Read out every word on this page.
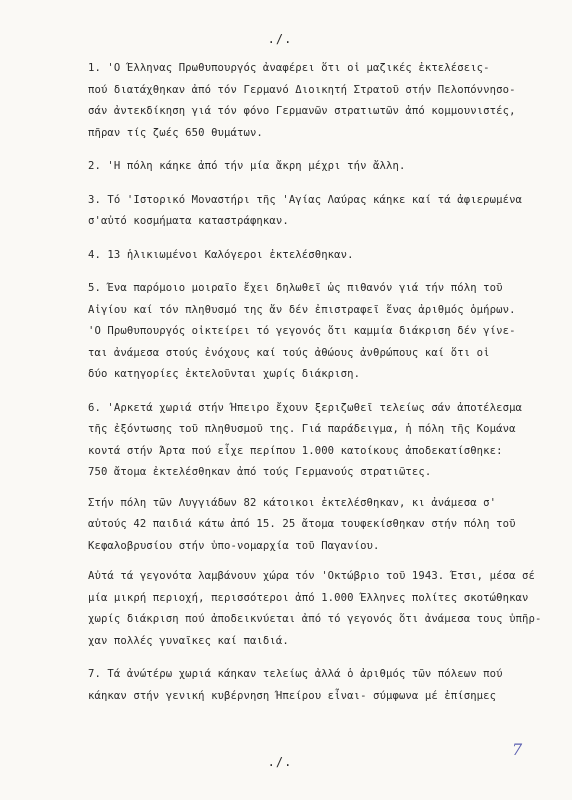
./.
1. 'Ο Έλληνας Πρωθυπουργός ἀναφέρει ὅτι οἱ μαζικές ἐκτελέσεις-
πού διατάχθηκαν ἀπό τόν Γερμανό Διοικητή Στρατοῦ στήν Πελοπόννησο-
σάν ἀντεκδίκηση γιά τόν φόνο Γερμανῶν στρατιωτῶν ἀπό κομμουνιστές,
πῆραν τίς ζωές 650 θυμάτων.
2. 'Η πόλη κάηκε ἀπό τήν μία ἄκρη μέχρι τήν ἄλλη.
3. Τό 'Ιστορικό Μοναστήρι τῆς 'Αγίας Λαύρας κάηκε καί τά ἀφιερωμένα
σ'αὐτό κοσμήματα καταστράφηκαν.
4. 13 ἡλικιωμένοι Καλόγεροι ἐκτελέσθηκαν.
5. Ένα παρόμοιο μοιραῖο ἔχει δηλωθεῖ ὡς πιθανόν γιά τήν πόλη τοῦ
Αἰγίου καί τόν πληθυσμό της ἄν δέν ἐπιστραφεῖ ἕνας ἀριθμός ὁμήρων.
'Ο Πρωθυπουργός οἰκτείρει τό γεγονός ὅτι καμμία διάκριση δέν γίνε-
ται ἀνάμεσα στούς ἐνόχους καί τούς ἀθώους ἀνθρώπους καί ὅτι οἱ
δύο κατηγορίες ἐκτελοῦνται χωρίς διάκριση.
6. 'Αρκετά χωριά στήν Ήπειρο ἔχουν ξεριζωθεῖ τελείως σάν ἀποτέλεσμα
τῆς ἐξόντωσης τοῦ πληθυσμοῦ της. Γιά παράδειγμα, ἡ πόλη τῆς Κομάνα
κοντά στήν Άρτα πού εἶχε περίπου 1.000 κατοίκους ἀποδεκατίσθηκε:
750 ἄτομα ἐκτελέσθηκαν ἀπό τούς Γερμανούς στρατιῶτες.
Στήν πόλη τῶν Λυγγιάδων 82 κάτοικοι ἐκτελέσθηκαν, κι ἀνάμεσα σ'
αὐτούς 42 παιδιά κάτω ἀπό 15. 25 ἄτομα τουφεκίσθηκαν στήν πόλη τοῦ
Κεφαλοβρυσίου στήν ὑπο-νομαρχία τοῦ Παγανίου.
Αὐτά τά γεγονότα λαμβάνουν χώρα τόν 'Οκτώβριο τοῦ 1943. Έτσι, μέσα σέ
μία μικρή περιοχή, περισσότεροι ἀπό 1.000 Έλληνες πολίτες σκοτώθηκαν
χωρίς διάκριση πού ἀποδεικνύεται ἀπό τό γεγονός ὅτι ἀνάμεσα τους ὑπῆρ-
χαν πολλές γυναῖκες καί παιδιά.
7. Τά ἀνώτέρω χωριά κάηκαν τελείως ἀλλά ὁ ἀριθμός τῶν πόλεων πού
κάηκαν στήν γενική κυβέρνηση Ήπείρου εἶναι- σύμφωνα μέ ἐπίσημες
7
./.
